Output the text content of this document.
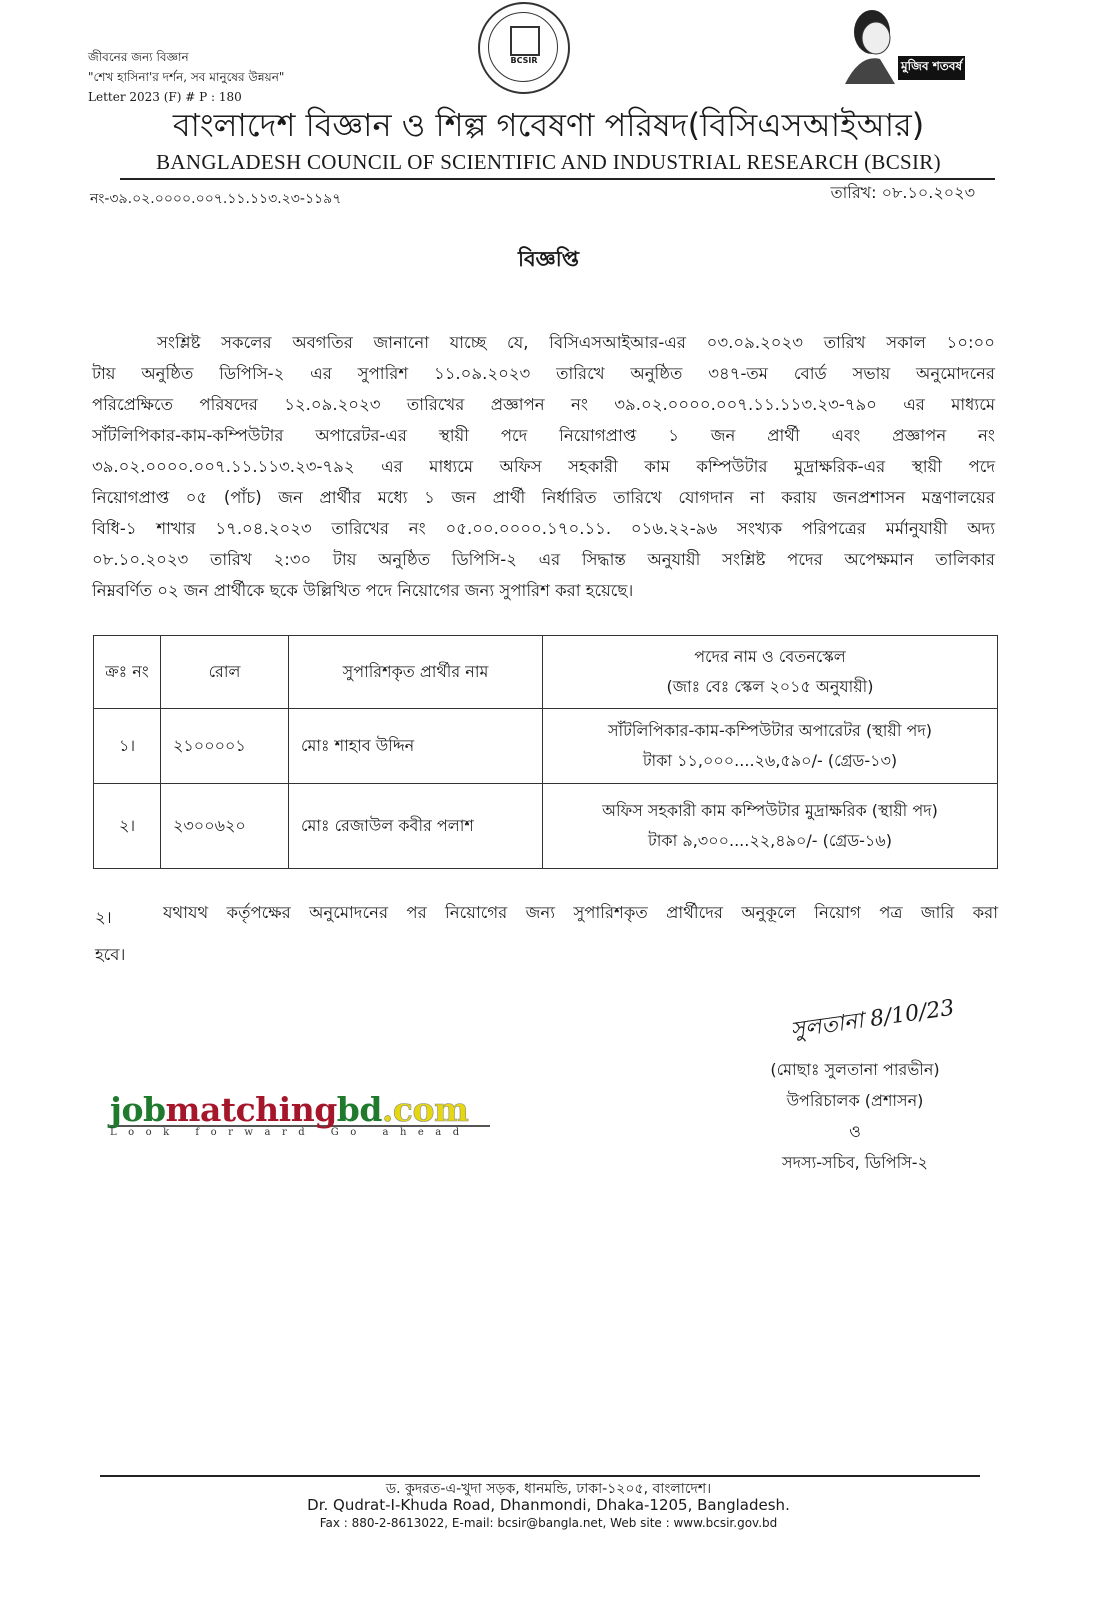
জীবনের জন্য বিজ্ঞান
"শেখ হাসিনা'র দর্শন, সব মানুষের উন্নয়ন"
Letter 2023 (F) # P : 180
BCSIR	মুজিব শতবর্ষ
বাংলাদেশ বিজ্ঞান ও শিল্প গবেষণা পরিষদ(বিসিএসআইআর)
BANGLADESH COUNCIL OF SCIENTIFIC AND INDUSTRIAL RESEARCH (BCSIR)
নং-৩৯.০২.০০০০.০০৭.১১.১১৩.২৩-১১৯৭	তারিখ: ০৮.১০.২০২৩
বিজ্ঞপ্তি
সংশ্লিষ্ট সকলের অবগতির জানানো যাচ্ছে যে, বিসিএসআইআর-এর ০৩.০৯.২০২৩ তারিখ সকাল ১০:০০
টায় অনুষ্ঠিত ডিপিসি-২ এর সুপারিশ ১১.০৯.২০২৩ তারিখে অনুষ্ঠিত ৩৪৭-তম বোর্ড সভায় অনুমোদনের
পরিপ্রেক্ষিতে পরিষদের ১২.০৯.২০২৩ তারিখের প্রজ্ঞাপন নং ৩৯.০২.০০০০.০০৭.১১.১১৩.২৩-৭৯০ এর মাধ্যমে
সাঁটলিপিকার-কাম-কম্পিউটার অপারেটর-এর স্থায়ী পদে নিয়োগপ্রাপ্ত ১ জন প্রার্থী এবং প্রজ্ঞাপন নং
৩৯.০২.০০০০.০০৭.১১.১১৩.২৩-৭৯২ এর মাধ্যমে অফিস সহকারী কাম কম্পিউটার মুদ্রাক্ষরিক-এর স্থায়ী পদে
নিয়োগপ্রাপ্ত ০৫ (পাঁচ) জন প্রার্থীর মধ্যে ১ জন প্রার্থী নির্ধারিত তারিখে যোগদান না করায় জনপ্রশাসন মন্ত্রণালয়ের
বিধি-১ শাখার ১৭.০৪.২০২৩ তারিখের নং ০৫.০০.০০০০.১৭০.১১. ০১৬.২২-৯৬ সংখ্যক পরিপত্রের মর্মানুযায়ী অদ্য
০৮.১০.২০২৩ তারিখ ২:৩০ টায় অনুষ্ঠিত ডিপিসি-২ এর সিদ্ধান্ত অনুযায়ী সংশ্লিষ্ট পদের অপেক্ষমান তালিকার
নিম্নবর্ণিত ০২ জন প্রার্থীকে ছকে উল্লিখিত পদে নিয়োগের জন্য সুপারিশ করা হয়েছে।
ক্রঃ নং	রোল	সুপারিশকৃত প্রার্থীর নাম	পদের নাম ও বেতনস্কেল
(জাঃ বেঃ স্কেল ২০১৫ অনুযায়ী)

১।	২১০০০০১	মোঃ শাহাব উদ্দিন	সাঁটলিপিকার-কাম-কম্পিউটার অপারেটর (স্থায়ী পদ)
টাকা ১১,০০০....২৬,৫৯০/- (গ্রেড-১৩)

২।	২৩০০৬২০	মোঃ রেজাউল কবীর পলাশ	অফিস সহকারী কাম কম্পিউটার মুদ্রাক্ষরিক (স্থায়ী পদ)
টাকা ৯,৩০০....২২,৪৯০/- (গ্রেড-১৬)
২।	যথাযথ কর্তৃপক্ষের অনুমোদনের পর নিয়োগের জন্য সুপারিশকৃত প্রার্থীদের অনুকূলে নিয়োগ পত্র জারি করা
হবে।
সুলতানা 8/10/23
(মোছাঃ সুলতানা পারভীন)
উপরিচালক (প্রশাসন)
ও
সদস্য-সচিব, ডিপিসি-২
jobmatchingbd.com
Look forward Go ahead
ড. কুদরত-এ-খুদা সড়ক, ধানমন্ডি, ঢাকা-১২০৫, বাংলাদেশ।
Dr. Qudrat-I-Khuda Road, Dhanmondi, Dhaka-1205, Bangladesh.
Fax : 880-2-8613022, E-mail: bcsir@bangla.net, Web site : www.bcsir.gov.bd
